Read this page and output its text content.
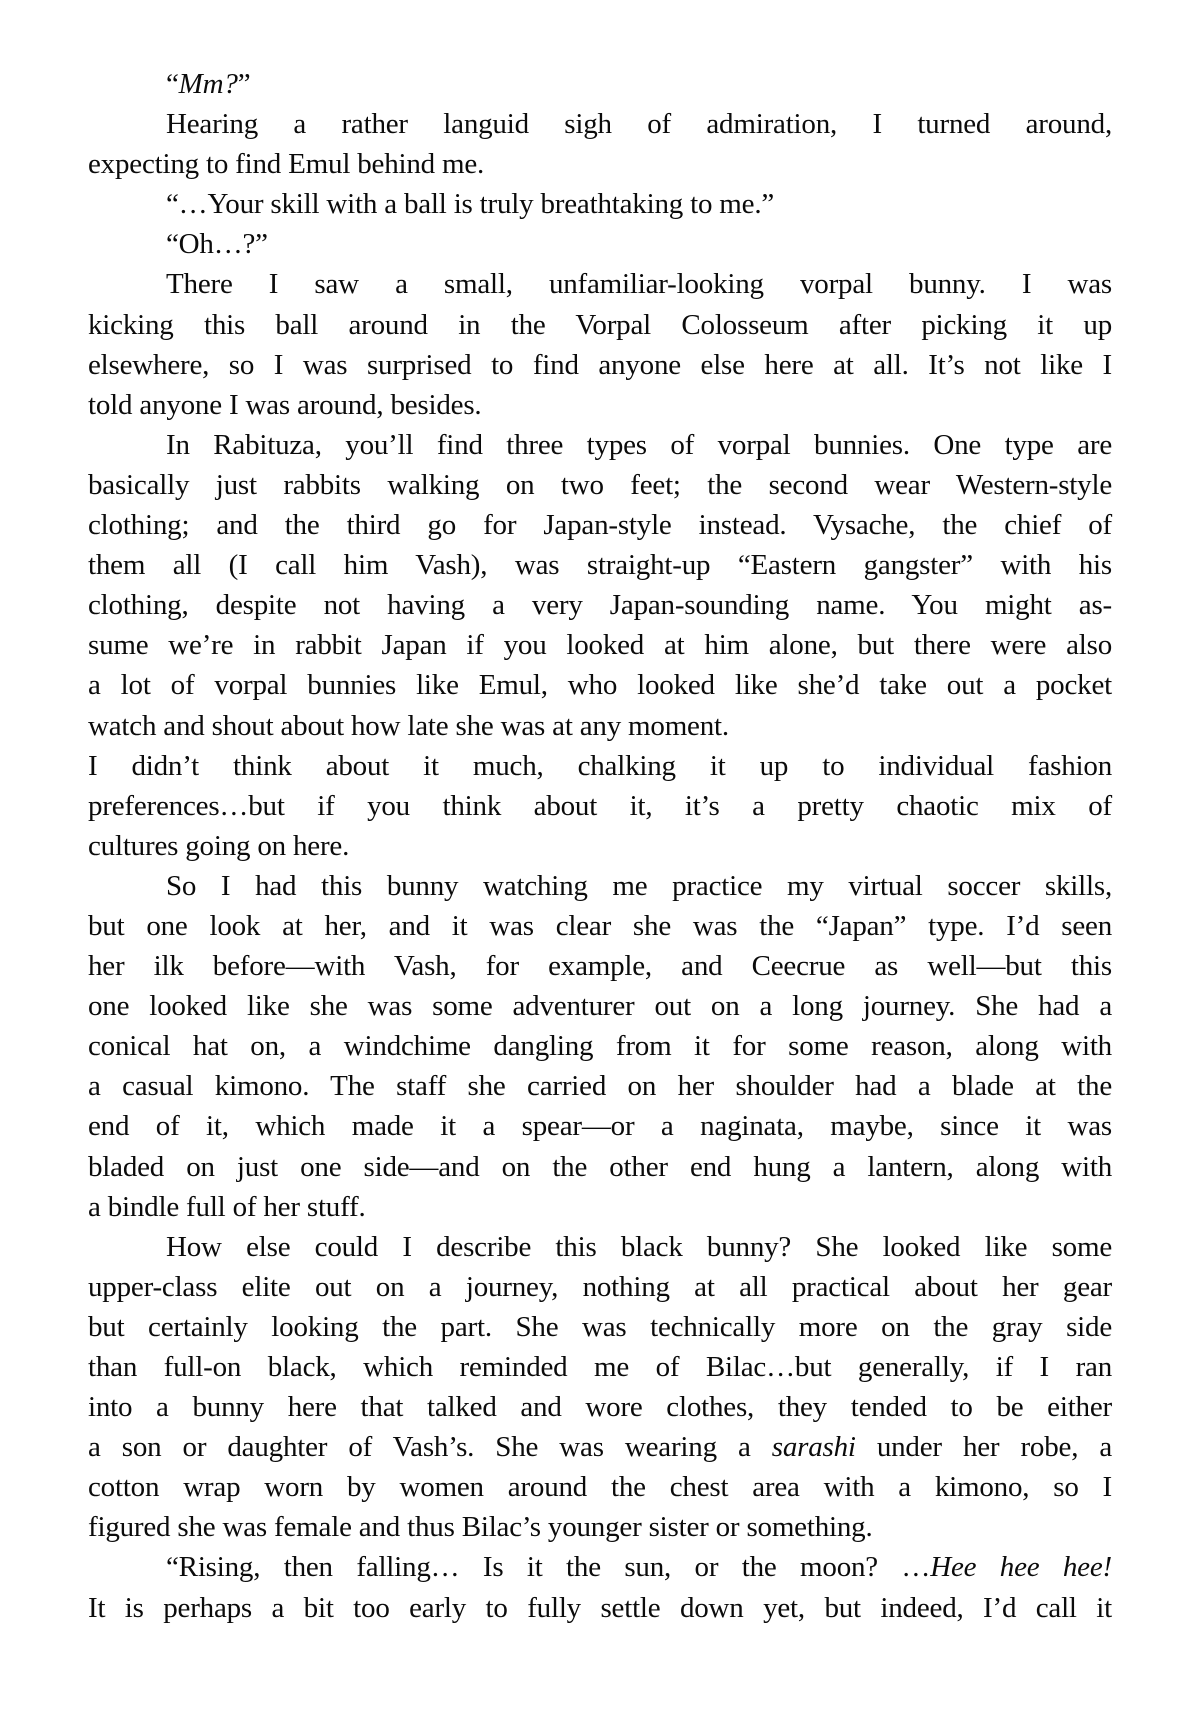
“Mm?”
Hearing a rather languid sigh of admiration, I turned around,
expecting to find Emul behind me.
“…Your skill with a ball is truly breathtaking to me.”
“Oh…?”
There I saw a small, unfamiliar-looking vorpal bunny. I was
kicking this ball around in the Vorpal Colosseum after picking it up
elsewhere, so I was surprised to find anyone else here at all. It’s not like I
told anyone I was around, besides.
In Rabituza, you’ll find three types of vorpal bunnies. One type are
basically just rabbits walking on two feet; the second wear Western-style
clothing; and the third go for Japan-style instead. Vysache, the chief of
them all (I call him Vash), was straight-up “Eastern gangster” with his
clothing, despite not having a very Japan-sounding name. You might as-
sume we’re in rabbit Japan if you looked at him alone, but there were also
a lot of vorpal bunnies like Emul, who looked like she’d take out a pocket
watch and shout about how late she was at any moment.
I didn’t think about it much, chalking it up to individual fashion
preferences…but if you think about it, it’s a pretty chaotic mix of
cultures going on here.
So I had this bunny watching me practice my virtual soccer skills,
but one look at her, and it was clear she was the “Japan” type. I’d seen
her ilk before—with Vash, for example, and Ceecrue as well—but this
one looked like she was some adventurer out on a long journey. She had a
conical hat on, a windchime dangling from it for some reason, along with
a casual kimono. The staff she carried on her shoulder had a blade at the
end of it, which made it a spear—or a naginata, maybe, since it was
bladed on just one side—and on the other end hung a lantern, along with
a bindle full of her stuff.
How else could I describe this black bunny? She looked like some
upper-class elite out on a journey, nothing at all practical about her gear
but certainly looking the part. She was technically more on the gray side
than full-on black, which reminded me of Bilac…but generally, if I ran
into a bunny here that talked and wore clothes, they tended to be either
a son or daughter of Vash’s. She was wearing a sarashi under her robe, a
cotton wrap worn by women around the chest area with a kimono, so I
figured she was female and thus Bilac’s younger sister or something.
“Rising, then falling… Is it the sun, or the moon? …Hee hee hee!
It is perhaps a bit too early to fully settle down yet, but indeed, I’d call it
